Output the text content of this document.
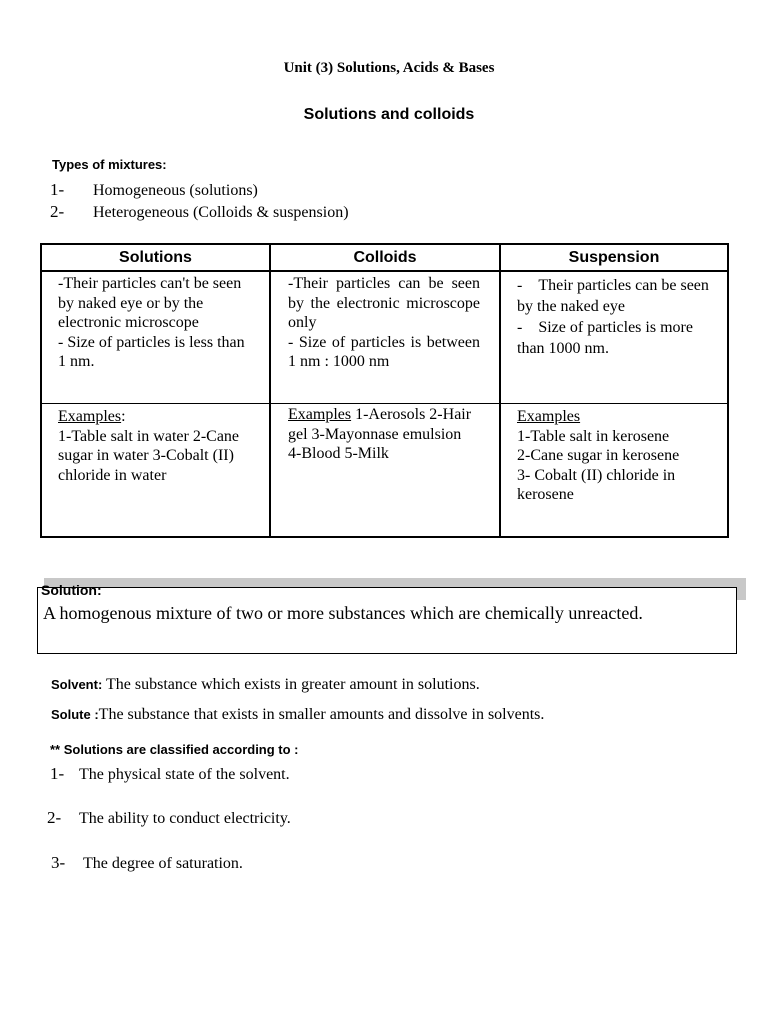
Unit (3) Solutions, Acids & Bases
Solutions and colloids
Types of mixtures:
1- Homogeneous (solutions)
2- Heterogeneous (Colloids & suspension)
Solutions	Colloids	Suspension
-Their particles can't be seen by naked eye or by the electronic microscope
- Size of particles is less than 1 nm.
-Their particles can be seen by the electronic microscope only
- Size of particles is between 1 nm : 1000 nm
- Their particles can be seen by the naked eye
- Size of particles is more than 1000 nm.
Examples:
1-Table salt in water 2-Cane sugar in water 3-Cobalt (II) chloride in water
Examples 1-Aerosols 2-Hair gel 3-Mayonnase emulsion 4-Blood 5-Milk
Examples
1-Table salt in kerosene
2-Cane sugar in kerosene
3- Cobalt (II) chloride in kerosene
Solution:
A homogenous mixture of two or more substances which are chemically unreacted.
Solvent: The substance which exists in greater amount in solutions.
Solute :The substance that exists in smaller amounts and dissolve in solvents.
** Solutions are classified according to :
1- The physical state of the solvent.
2- The ability to conduct electricity.
3- The degree of saturation.
